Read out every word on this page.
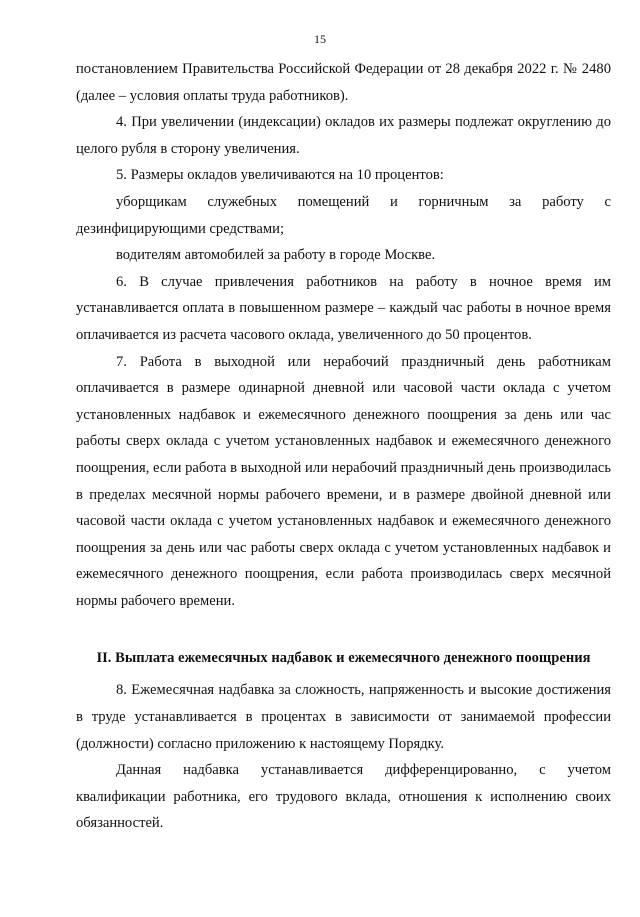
15

постановлением Правительства Российской Федерации от 28 декабря 2022 г. № 2480 (далее – условия оплаты труда работников).

4. При увеличении (индексации) окладов их размеры подлежат округлению до целого рубля в сторону увеличения.

5. Размеры окладов увеличиваются на 10 процентов:

уборщикам служебных помещений и горничным за работу с дезинфицирующими средствами;

водителям автомобилей за работу в городе Москве.

6. В случае привлечения работников на работу в ночное время им устанавливается оплата в повышенном размере – каждый час работы в ночное время оплачивается из расчета часового оклада, увеличенного до 50 процентов.

7. Работа в выходной или нерабочий праздничный день работникам оплачивается в размере одинарной дневной или часовой части оклада с учетом установленных надбавок и ежемесячного денежного поощрения за день или час работы сверх оклада с учетом установленных надбавок и ежемесячного денежного поощрения, если работа в выходной или нерабочий праздничный день производилась в пределах месячной нормы рабочего времени, и в размере двойной дневной или часовой части оклада с учетом установленных надбавок и ежемесячного денежного поощрения за день или час работы сверх оклада с учетом установленных надбавок и ежемесячного денежного поощрения, если работа производилась сверх месячной нормы рабочего времени.

II. Выплата ежемесячных надбавок и ежемесячного денежного поощрения

8. Ежемесячная надбавка за сложность, напряженность и высокие достижения в труде устанавливается в процентах в зависимости от занимаемой профессии (должности) согласно приложению к настоящему Порядку.

Данная надбавка устанавливается дифференцированно, с учетом квалификации работника, его трудового вклада, отношения к исполнению своих обязанностей.
